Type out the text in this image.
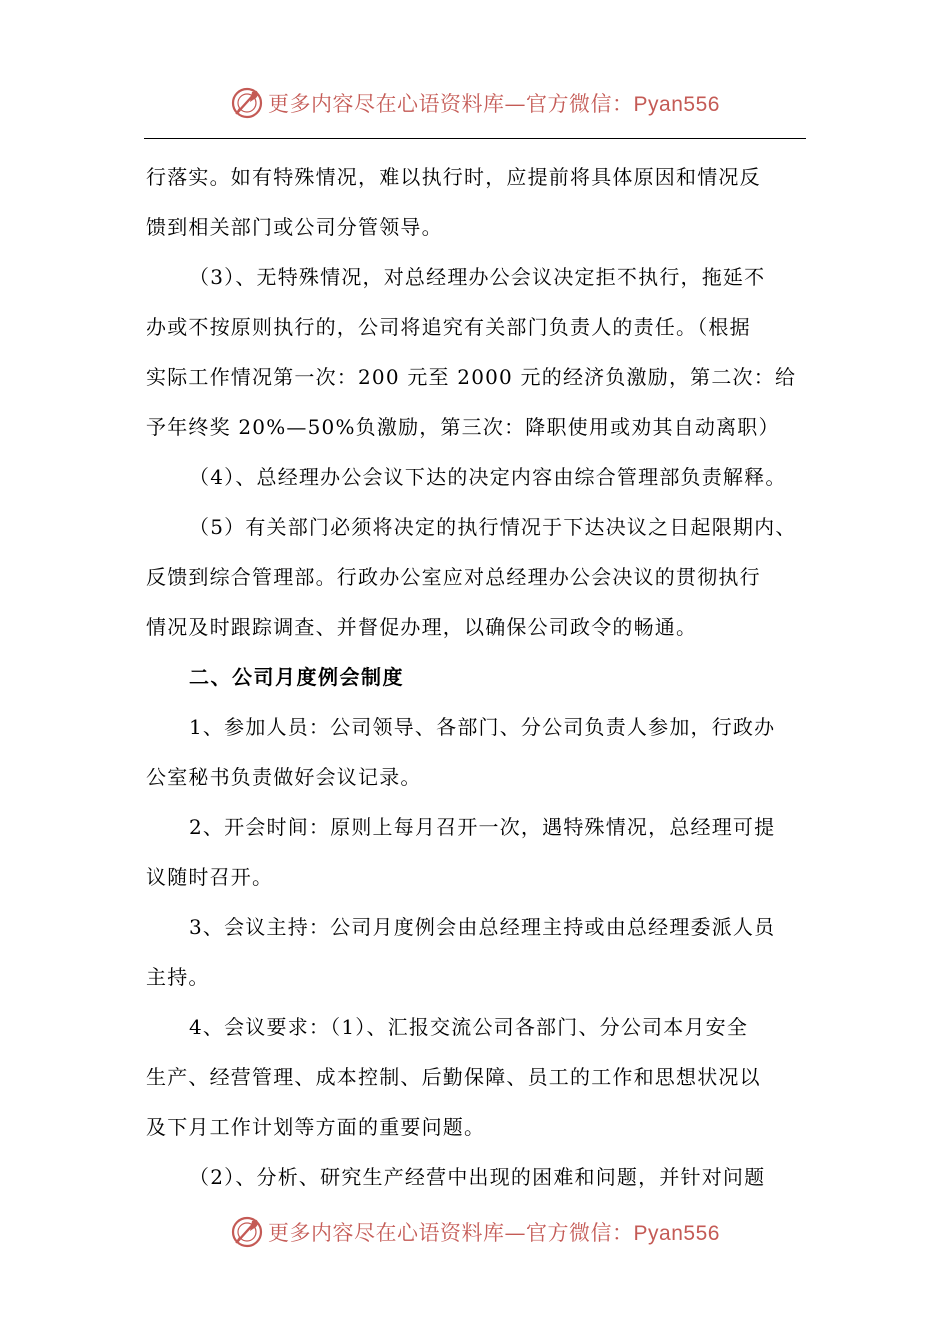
更多内容尽在心语资料库—官方微信：Pyan556

行落实。如有特殊情况，难以执行时，应提前将具体原因和情况反

馈到相关部门或公司分管领导。

（3）、无特殊情况，对总经理办公会议决定拒不执行，拖延不

办或不按原则执行的，公司将追究有关部门负责人的责任。（根据

实际工作情况第一次：200 元至 2000 元的经济负激励，第二次：给

予年终奖 20%—50%负激励，第三次：降职使用或劝其自动离职）

（4）、总经理办公会议下达的决定内容由综合管理部负责解释。

（5）有关部门必须将决定的执行情况于下达决议之日起限期内、

反馈到综合管理部。行政办公室应对总经理办公会决议的贯彻执行

情况及时跟踪调查、并督促办理，以确保公司政令的畅通。

二、公司月度例会制度

1、参加人员：公司领导、各部门、分公司负责人参加，行政办

公室秘书负责做好会议记录。

2、开会时间：原则上每月召开一次，遇特殊情况，总经理可提

议随时召开。

3、会议主持：公司月度例会由总经理主持或由总经理委派人员

主持。

4、会议要求：（1）、汇报交流公司各部门、分公司本月安全

生产、经营管理、成本控制、后勤保障、员工的工作和思想状况以

及下月工作计划等方面的重要问题。

（2）、分析、研究生产经营中出现的困难和问题，并针对问题

更多内容尽在心语资料库—官方微信：Pyan556
